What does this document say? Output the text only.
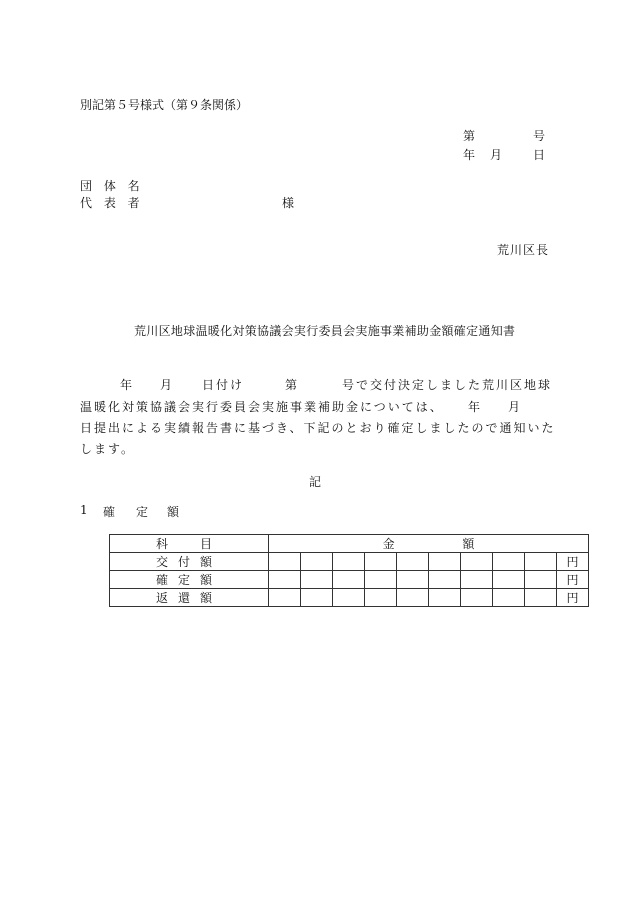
別記第５号様式（第９条関係）
第	号
年 月	日
団 体 名
代 表 者	様
荒川区長
荒川区地球温暖化対策協議会実行委員会実施事業補助金額確定通知書
年 月 日付け	第	号で交付決定しました荒川区地球
温暖化対策協議会実行委員会実施事業補助金については、 年 月
日提出による実績報告書に基づき、下記のとおり確定しましたので通知いた
します。
記
1 確 定 額
科　目	金 額									
交付額										円
確定額										円
返還額										円
